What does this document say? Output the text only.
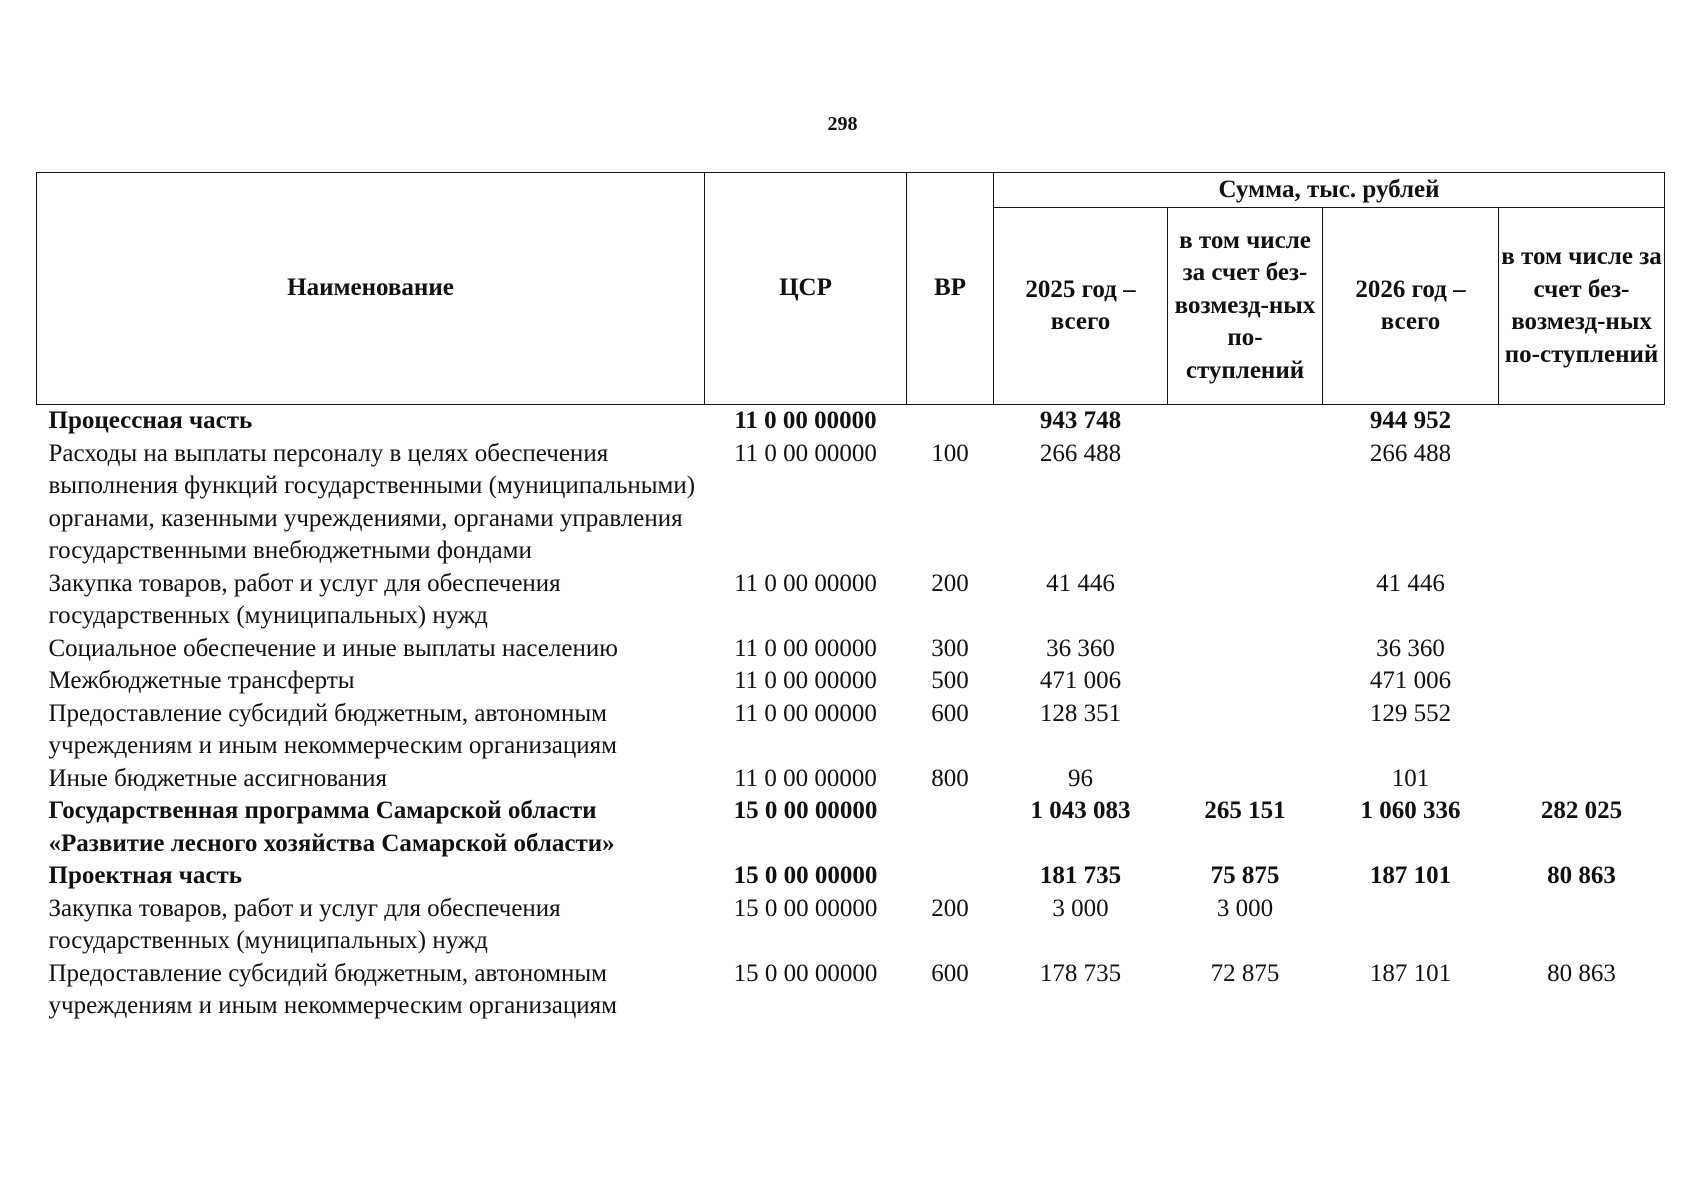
298
Наименование	ЦСР	ВР	Сумма, тыс. рублей			
			2025 год – всего	в том числе за счет без-возмезд-ных по-ступлений	2026 год – всего	в том числе за счет без-возмезд-ных по-ступлений
Процессная часть	11 0 00 00000		943 748		944 952	
Расходы на выплаты персоналу в целях обеспечения выполнения функций государственными (муниципальными) органами, казенными учреждениями, органами управления государственными внебюджетными фондами	11 0 00 00000	100	266 488		266 488	
Закупка товаров, работ и услуг для обеспечения государственных (муниципальных) нужд	11 0 00 00000	200	41 446		41 446	
Социальное обеспечение и иные выплаты населению	11 0 00 00000	300	36 360		36 360	
Межбюджетные трансферты	11 0 00 00000	500	471 006		471 006	
Предоставление субсидий бюджетным, автономным учреждениям и иным некоммерческим организациям	11 0 00 00000	600	128 351		129 552	
Иные бюджетные ассигнования	11 0 00 00000	800	96		101	
Государственная программа Самарской области «Развитие лесного хозяйства Самарской области»	15 0 00 00000		1 043 083	265 151	1 060 336	282 025
Проектная часть	15 0 00 00000		181 735	75 875	187 101	80 863
Закупка товаров, работ и услуг для обеспечения государственных (муниципальных) нужд	15 0 00 00000	200	3 000	3 000		
Предоставление субсидий бюджетным, автономным учреждениям и иным некоммерческим организациям	15 0 00 00000	600	178 735	72 875	187 101	80 863
